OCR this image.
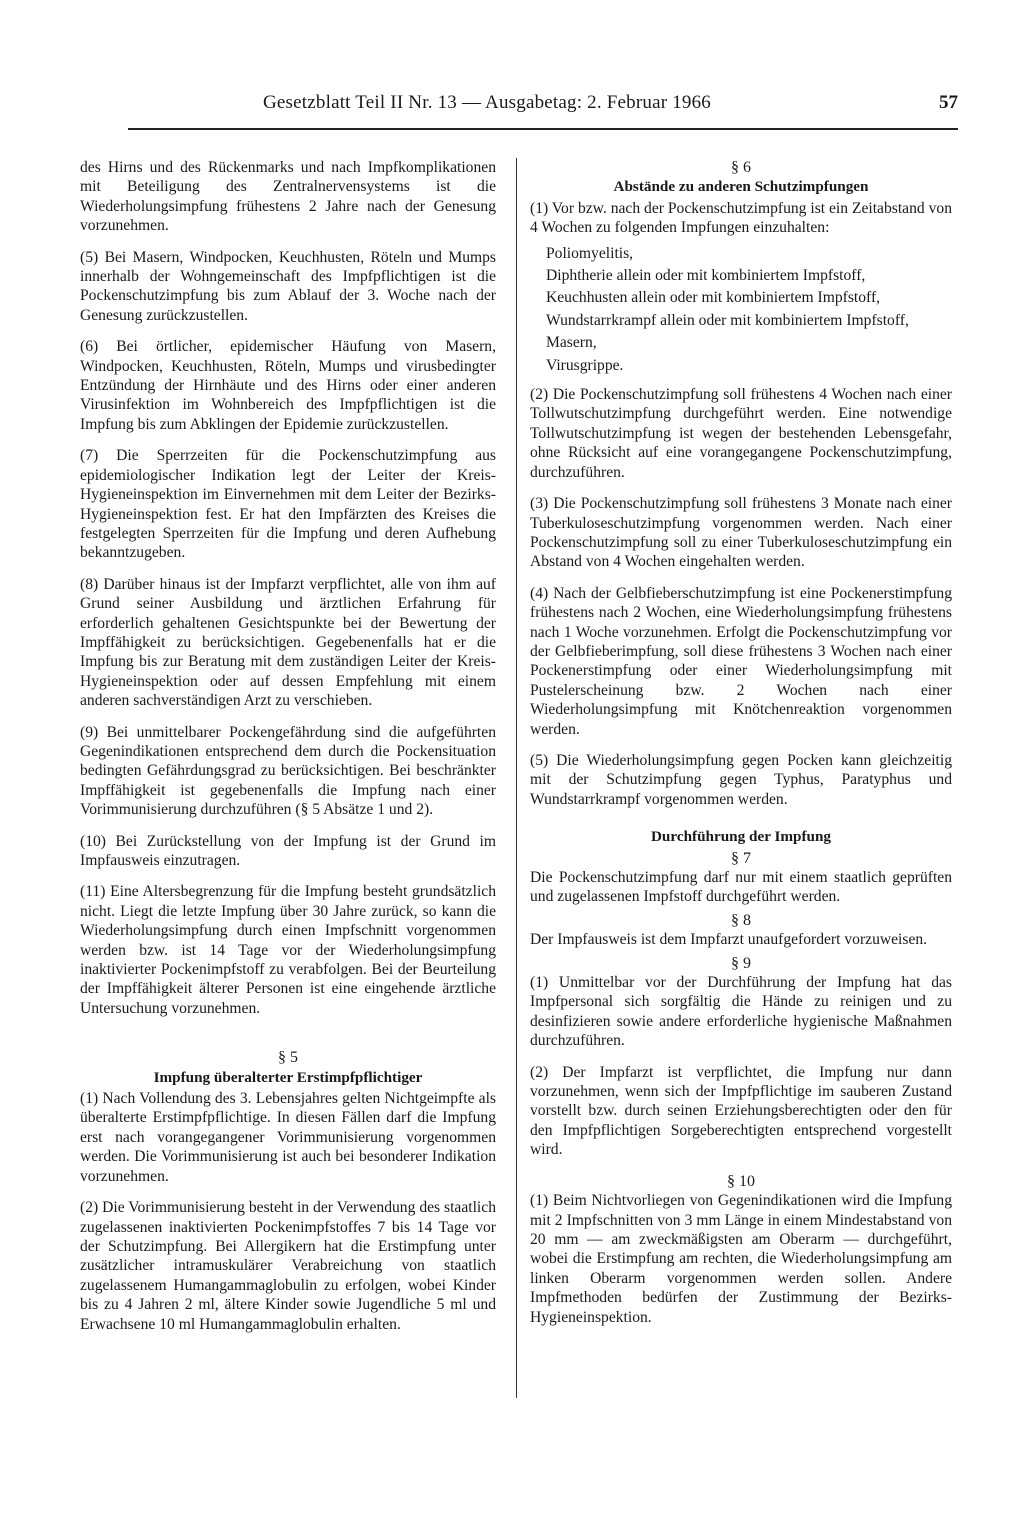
Gesetzblatt Teil II Nr. 13 — Ausgabetag: 2. Februar 1966	57

des Hirns und des Rückenmarks und nach Impfkomplikationen mit Beteiligung des Zentralnervensystems ist die Wiederholungsimpfung frühestens 2 Jahre nach der Genesung vorzunehmen.

(5) Bei Masern, Windpocken, Keuchhusten, Röteln und Mumps innerhalb der Wohngemeinschaft des Impfpflichtigen ist die Pockenschutzimpfung bis zum Ablauf der 3. Woche nach der Genesung zurückzustellen.

(6) Bei örtlicher, epidemischer Häufung von Masern, Windpocken, Keuchhusten, Röteln, Mumps und virusbedingter Entzündung der Hirnhäute und des Hirns oder einer anderen Virusinfektion im Wohnbereich des Impfpflichtigen ist die Impfung bis zum Abklingen der Epidemie zurückzustellen.

(7) Die Sperrzeiten für die Pockenschutzimpfung aus epidemiologischer Indikation legt der Leiter der Kreis-Hygieneinspektion im Einvernehmen mit dem Leiter der Bezirks-Hygieneinspektion fest. Er hat den Impfärzten des Kreises die festgelegten Sperrzeiten für die Impfung und deren Aufhebung bekanntzugeben.

(8) Darüber hinaus ist der Impfarzt verpflichtet, alle von ihm auf Grund seiner Ausbildung und ärztlichen Erfahrung für erforderlich gehaltenen Gesichtspunkte bei der Bewertung der Impffähigkeit zu berücksichtigen. Gegebenenfalls hat er die Impfung bis zur Beratung mit dem zuständigen Leiter der Kreis-Hygieneinspektion oder auf dessen Empfehlung mit einem anderen sachverständigen Arzt zu verschieben.

(9) Bei unmittelbarer Pockengefährdung sind die aufgeführten Gegenindikationen entsprechend dem durch die Pockensituation bedingten Gefährdungsgrad zu berücksichtigen. Bei beschränkter Impffähigkeit ist gegebenenfalls die Impfung nach einer Vorimmunisierung durchzuführen (§ 5 Absätze 1 und 2).

(10) Bei Zurückstellung von der Impfung ist der Grund im Impfausweis einzutragen.

(11) Eine Altersbegrenzung für die Impfung besteht grundsätzlich nicht. Liegt die letzte Impfung über 30 Jahre zurück, so kann die Wiederholungsimpfung durch einen Impfschnitt vorgenommen werden bzw. ist 14 Tage vor der Wiederholungsimpfung inaktivierter Pockenimpfstoff zu verabfolgen. Bei der Beurteilung der Impffähigkeit älterer Personen ist eine eingehende ärztliche Untersuchung vorzunehmen.

§ 5
Impfung überalterter Erstimpfpflichtiger

(1) Nach Vollendung des 3. Lebensjahres gelten Nichtgeimpfte als überalterte Erstimpfpflichtige. In diesen Fällen darf die Impfung erst nach vorangegangener Vorimmunisierung vorgenommen werden. Die Vorimmunisierung ist auch bei besonderer Indikation vorzunehmen.

(2) Die Vorimmunisierung besteht in der Verwendung des staatlich zugelassenen inaktivierten Pockenimpfstoffes 7 bis 14 Tage vor der Schutzimpfung. Bei Allergikern hat die Erstimpfung unter zusätzlicher intramuskulärer Verabreichung von staatlich zugelassenem Humangammaglobulin zu erfolgen, wobei Kinder bis zu 4 Jahren 2 ml, ältere Kinder sowie Jugendliche 5 ml und Erwachsene 10 ml Humangammaglobulin erhalten.

§ 6
Abstände zu anderen Schutzimpfungen

(1) Vor bzw. nach der Pockenschutzimpfung ist ein Zeitabstand von 4 Wochen zu folgenden Impfungen einzuhalten:

Poliomyelitis,
Diphtherie allein oder mit kombiniertem Impfstoff,
Keuchhusten allein oder mit kombiniertem Impfstoff,
Wundstarrkrampf allein oder mit kombiniertem Impfstoff,
Masern,
Virusgrippe.

(2) Die Pockenschutzimpfung soll frühestens 4 Wochen nach einer Tollwutschutzimpfung durchgeführt werden. Eine notwendige Tollwutschutzimpfung ist wegen der bestehenden Lebensgefahr, ohne Rücksicht auf eine vorangegangene Pockenschutzimpfung, durchzuführen.

(3) Die Pockenschutzimpfung soll frühestens 3 Monate nach einer Tuberkuloseschutzimpfung vorgenommen werden. Nach einer Pockenschutzimpfung soll zu einer Tuberkuloseschutzimpfung ein Abstand von 4 Wochen eingehalten werden.

(4) Nach der Gelbfieberschutzimpfung ist eine Pockenerstimpfung frühestens nach 2 Wochen, eine Wiederholungsimpfung frühestens nach 1 Woche vorzunehmen. Erfolgt die Pockenschutzimpfung vor der Gelbfieberimpfung, soll diese frühestens 3 Wochen nach einer Pockenerstimpfung oder einer Wiederholungsimpfung mit Pustelerscheinung bzw. 2 Wochen nach einer Wiederholungsimpfung mit Knötchenreaktion vorgenommen werden.

(5) Die Wiederholungsimpfung gegen Pocken kann gleichzeitig mit der Schutzimpfung gegen Typhus, Paratyphus und Wundstarrkrampf vorgenommen werden.

Durchführung der Impfung
§ 7

Die Pockenschutzimpfung darf nur mit einem staatlich geprüften und zugelassenen Impfstoff durchgeführt werden.

§ 8

Der Impfausweis ist dem Impfarzt unaufgefordert vorzuweisen.

§ 9

(1) Unmittelbar vor der Durchführung der Impfung hat das Impfpersonal sich sorgfältig die Hände zu reinigen und zu desinfizieren sowie andere erforderliche hygienische Maßnahmen durchzuführen.

(2) Der Impfarzt ist verpflichtet, die Impfung nur dann vorzunehmen, wenn sich der Impfpflichtige im sauberen Zustand vorstellt bzw. durch seinen Erziehungsberechtigten oder den für den Impfpflichtigen Sorgeberechtigten entsprechend vorgestellt wird.

§ 10

(1) Beim Nichtvorliegen von Gegenindikationen wird die Impfung mit 2 Impfschnitten von 3 mm Länge in einem Mindestabstand von 20 mm — am zweckmäßigsten am Oberarm — durchgeführt, wobei die Erstimpfung am rechten, die Wiederholungsimpfung am linken Oberarm vorgenommen werden sollen. Andere Impfmethoden bedürfen der Zustimmung der Bezirks-Hygieneinspektion.
